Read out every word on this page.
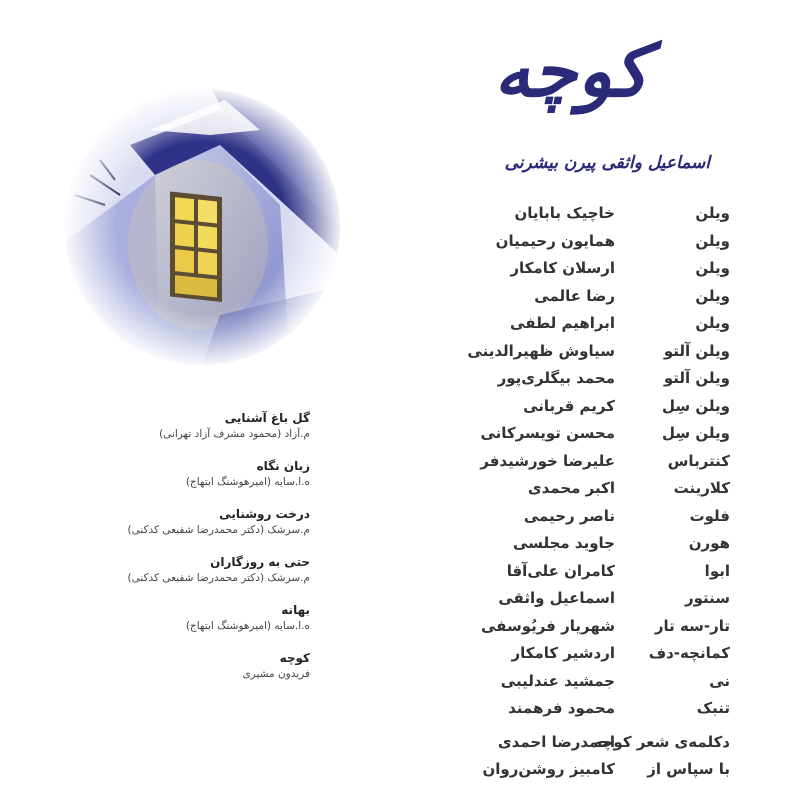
کوچه
اسماعیل واثقی پیرن بیشرنی
ویلن
خاچیک بابایان
ویلن
همایون رحیمیان
ویلن
ارسلان کامکار
ویلن
رضا عالمی
ویلن
ابراهیم لطفی
ویلن آلتو
سیاوش ظهیرالدینی
ویلن آلتو
محمد بیگلری‌پور
ویلن سِل
کریم قربانی
ویلن سِل
محسن تویسرکانی
کنترباس
علیرضا خورشیدفر
کلارینت
اکبر محمدی
فلوت
ناصر رحیمی
هورن
جاوید مجلسی
ابوا
کامران علی‌آقا
سنتور
اسماعیل واثقی
تار-سه تار
شهریار فریُوسفی
کمانچه-دف
اردشیر کامکار
نی
جمشید عندلیبی
تنبک
محمود فرهمند
دکلمه‌ی شعر کوچه
احمدرضا احمدی
با سپاس از
کامبیز روشن‌روان
گل باغ آشنایی
م.آزاد (محمود مشرف آزاد تهرانی)
زبان نگاه
ه.ا.سایه (امیرهوشنگ ابتهاج)
درخت روشنایی
م.سرشک (دکتر محمدرضا شفیعی کدکنی)
حتی به روزگاران
م.سرشک (دکتر محمدرضا شفیعی کدکنی)
بهانه
ه.ا.سایه (امیرهوشنگ ابتهاج)
کوچه
فریدون مشیری
